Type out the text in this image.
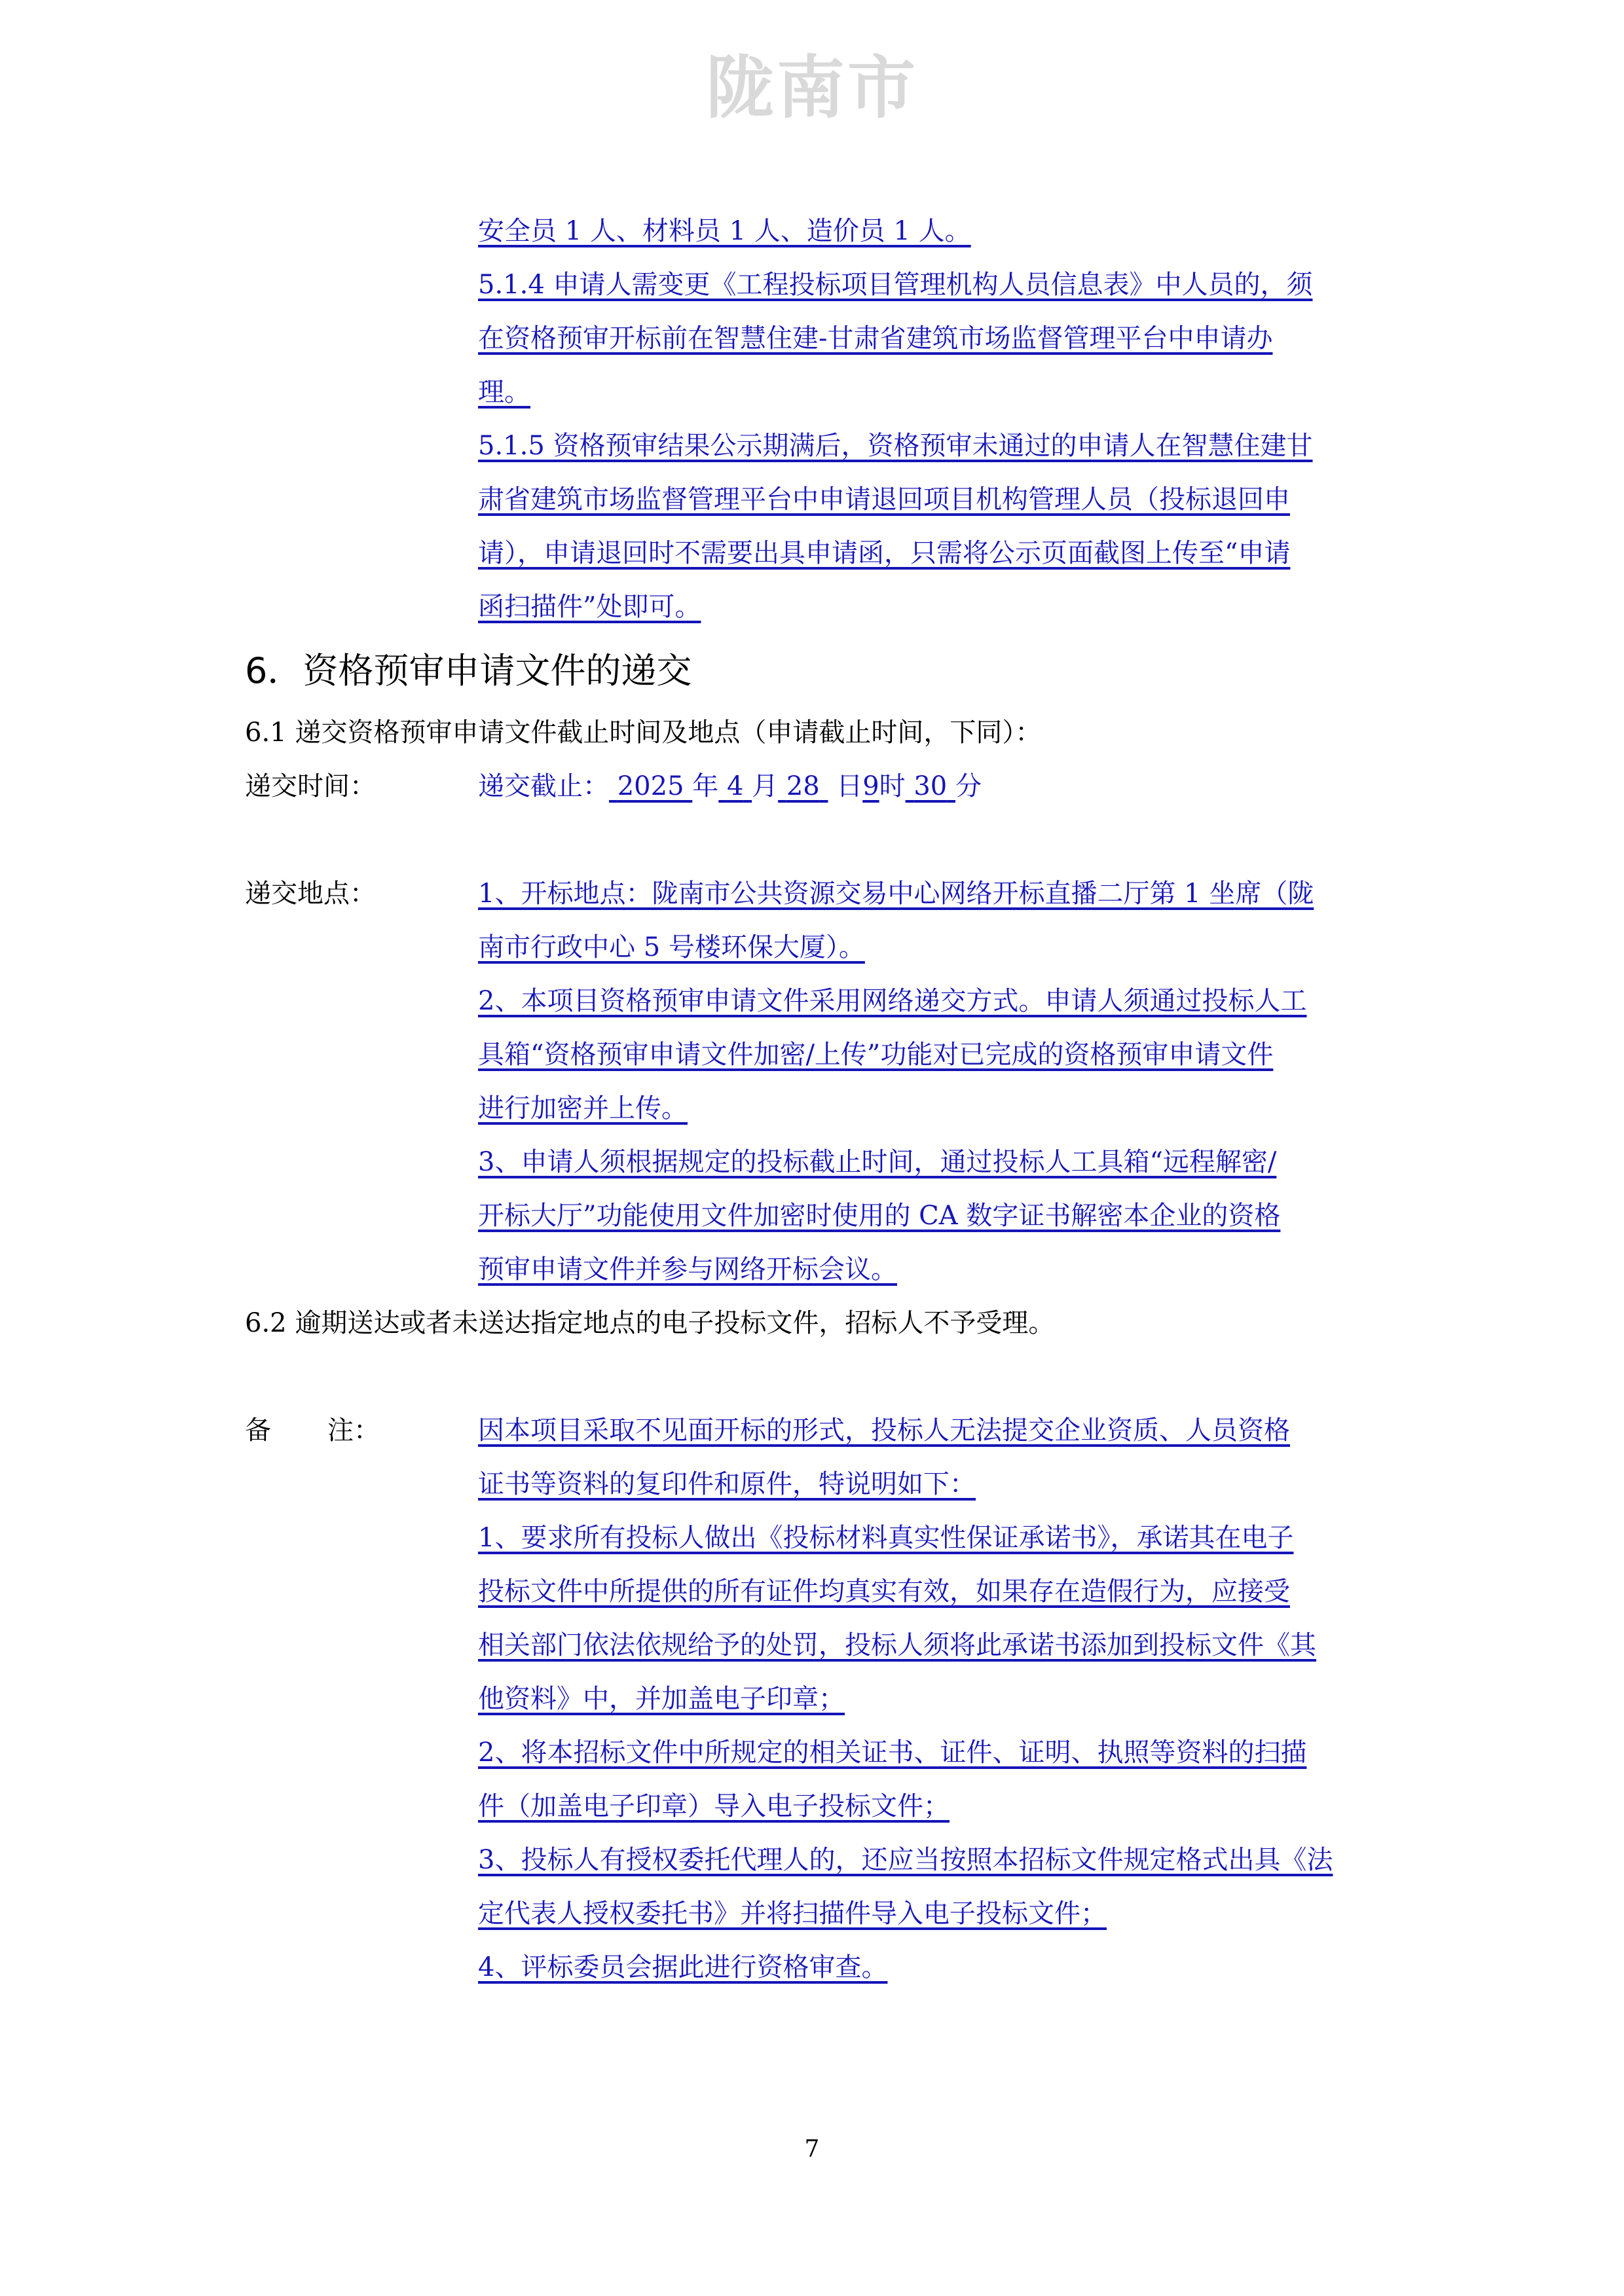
陇南市
安全员 1 人、材料员 1 人、造价员 1 人。
5.1.4 申请人需变更《工程投标项目管理机构人员信息表》中人员的，须
在资格预审开标前在智慧住建-甘肃省建筑市场监督管理平台中申请办
理。
5.1.5 资格预审结果公示期满后，资格预审未通过的申请人在智慧住建甘
肃省建筑市场监督管理平台中申请退回项目机构管理人员（投标退回申
请），申请退回时不需要出具申请函，只需将公示页面截图上传至“申请
函扫描件”处即可。
6．资格预审申请文件的递交
6.1 递交资格预审申请文件截止时间及地点（申请截止时间，下同）：
递交时间：	递交截止： 2025 年 4 月 28 日9时 30 分
递交地点：	1、开标地点：陇南市公共资源交易中心网络开标直播二厅第 1 坐席（陇
南市行政中心 5 号楼环保大厦）。
2、本项目资格预审申请文件采用网络递交方式。申请人须通过投标人工
具箱“资格预审申请文件加密/上传”功能对已完成的资格预审申请文件
进行加密并上传。
3、申请人须根据规定的投标截止时间，通过投标人工具箱“远程解密/
开标大厅”功能使用文件加密时使用的 CA 数字证书解密本企业的资格
预审申请文件并参与网络开标会议。
6.2 逾期送达或者未送达指定地点的电子投标文件，招标人不予受理。
备 注：	因本项目采取不见面开标的形式，投标人无法提交企业资质、人员资格
证书等资料的复印件和原件，特说明如下：
1、要求所有投标人做出《投标材料真实性保证承诺书》，承诺其在电子
投标文件中所提供的所有证件均真实有效，如果存在造假行为，应接受
相关部门依法依规给予的处罚，投标人须将此承诺书添加到投标文件《其
他资料》中，并加盖电子印章；
2、将本招标文件中所规定的相关证书、证件、证明、执照等资料的扫描
件（加盖电子印章）导入电子投标文件；
3、投标人有授权委托代理人的，还应当按照本招标文件规定格式出具《法
定代表人授权委托书》并将扫描件导入电子投标文件；
4、评标委员会据此进行资格审查。
7
